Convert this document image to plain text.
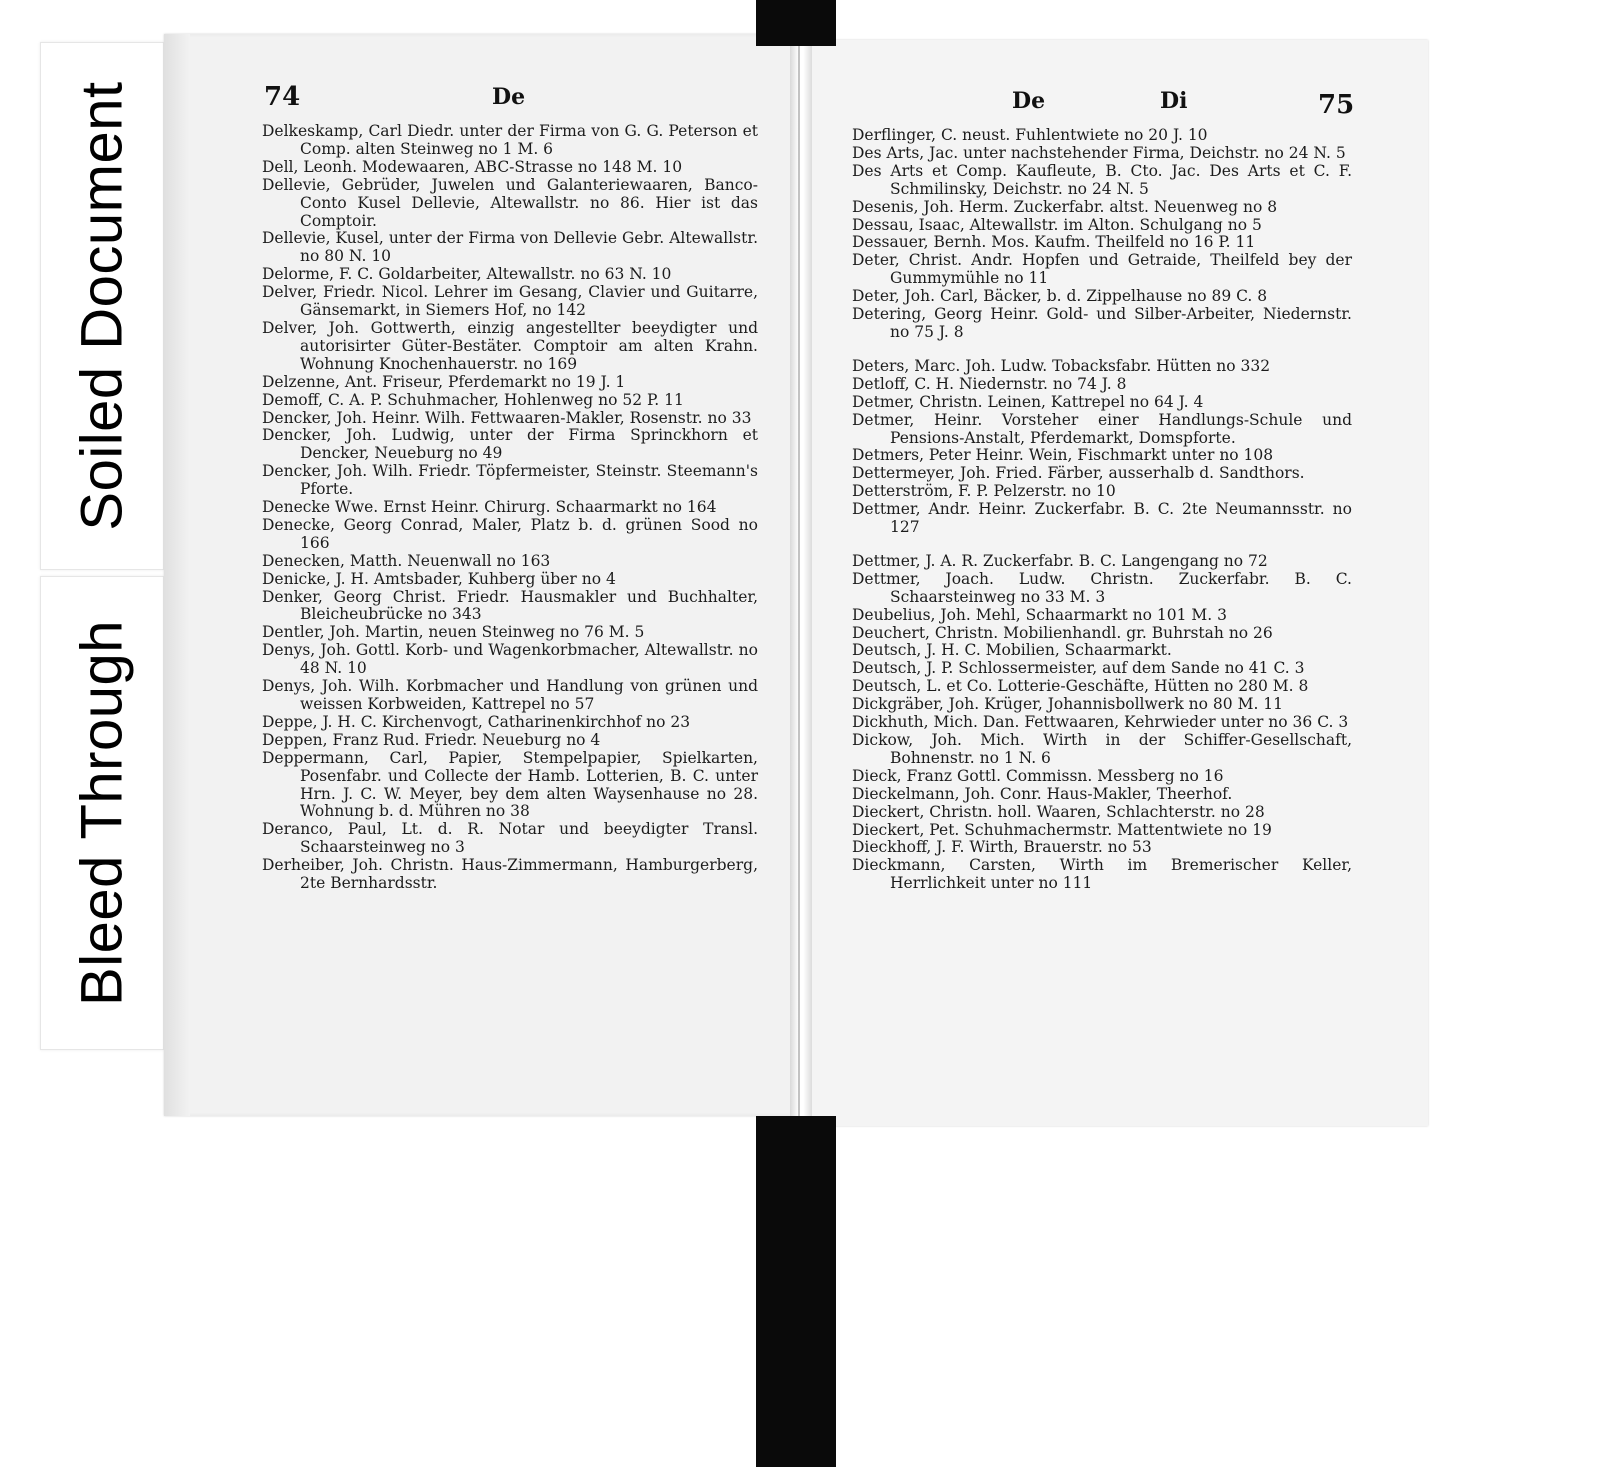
Soiled Document
Bleed Through
74	De	De	Di	75

Delkeskamp, Carl Diedr. unter der Firma von G. G. Peterson et Comp. alten Steinweg no 1 M. 6

Dell, Leonh. Modewaaren, ABC-Strasse no 148 M. 10

Dellevie, Gebrüder, Juwelen und Galanteriewaaren, Banco-Conto Kusel Dellevie, Altewallstr. no 86. Hier ist das Comptoir.

Dellevie, Kusel, unter der Firma von Dellevie Gebr. Altewallstr. no 80 N. 10

Delorme, F. C. Goldarbeiter, Altewallstr. no 63 N. 10

Delver, Friedr. Nicol. Lehrer im Gesang, Clavier und Guitarre, Gänsemarkt, in Siemers Hof, no 142

Delver, Joh. Gottwerth, einzig angestellter beeydigter und autorisirter Güter-Bestäter. Comptoir am alten Krahn. Wohnung Knochenhauerstr. no 169

Delzenne, Ant. Friseur, Pferdemarkt no 19 J. 1

Demoff, C. A. P. Schuhmacher, Hohlenweg no 52 P. 11

Dencker, Joh. Heinr. Wilh. Fettwaaren-Makler, Rosenstr. no 33

Dencker, Joh. Ludwig, unter der Firma Sprinckhorn et Dencker, Neueburg no 49

Dencker, Joh. Wilh. Friedr. Töpfermeister, Steinstr. Steemann's Pforte.

Denecke Wwe. Ernst Heinr. Chirurg. Schaarmarkt no 164

Denecke, Georg Conrad, Maler, Platz b. d. grünen Sood no 166

Denecken, Matth. Neuenwall no 163

Denicke, J. H. Amtsbader, Kuhberg über no 4

Denker, Georg Christ. Friedr. Hausmakler und Buchhalter, Bleicheubrücke no 343

Dentler, Joh. Martin, neuen Steinweg no 76 M. 5

Denys, Joh. Gottl. Korb- und Wagenkorbmacher, Altewallstr. no 48 N. 10

Denys, Joh. Wilh. Korbmacher und Handlung von grünen und weissen Korbweiden, Kattrepel no 57

Deppe, J. H. C. Kirchenvogt, Catharinenkirchhof no 23

Deppen, Franz Rud. Friedr. Neueburg no 4

Deppermann, Carl, Papier, Stempelpapier, Spielkarten, Posenfabr. und Collecte der Hamb. Lotterien, B. C. unter Hrn. J. C. W. Meyer, bey dem alten Waysenhause no 28. Wohnung b. d. Mühren no 38

Deranco, Paul, Lt. d. R. Notar und beeydigter Transl. Schaarsteinweg no 3

Derheiber, Joh. Christn. Haus-Zimmermann, Hamburgerberg, 2te Bernhardsstr.

Derflinger, C. neust. Fuhlentwiete no 20 J. 10

Des Arts, Jac. unter nachstehender Firma, Deichstr. no 24 N. 5

Des Arts et Comp. Kaufleute, B. Cto. Jac. Des Arts et C. F. Schmilinsky, Deichstr. no 24 N. 5

Desenis, Joh. Herm. Zuckerfabr. altst. Neuenweg no 8

Dessau, Isaac, Altewallstr. im Alton. Schulgang no 5

Dessauer, Bernh. Mos. Kaufm. Theilfeld no 16 P. 11

Deter, Christ. Andr. Hopfen und Getraide, Theilfeld bey der Gummymühle no 11

Deter, Joh. Carl, Bäcker, b. d. Zippelhause no 89 C. 8

Detering, Georg Heinr. Gold- und Silber-Arbeiter, Niedernstr. no 75 J. 8

Deters, Marc. Joh. Ludw. Tobacksfabr. Hütten no 332

Detloff, C. H. Niedernstr. no 74 J. 8

Detmer, Christn. Leinen, Kattrepel no 64 J. 4

Detmer, Heinr. Vorsteher einer Handlungs-Schule und Pensions-Anstalt, Pferdemarkt, Domspforte.

Detmers, Peter Heinr. Wein, Fischmarkt unter no 108

Dettermeyer, Joh. Fried. Färber, ausserhalb d. Sandthors.

Detterström, F. P. Pelzerstr. no 10

Dettmer, Andr. Heinr. Zuckerfabr. B. C. 2te Neumannsstr. no 127

Dettmer, J. A. R. Zuckerfabr. B. C. Langengang no 72

Dettmer, Joach. Ludw. Christn. Zuckerfabr. B. C. Schaarsteinweg no 33 M. 3

Deubelius, Joh. Mehl, Schaarmarkt no 101 M. 3

Deuchert, Christn. Mobilienhandl. gr. Buhrstah no 26

Deutsch, J. H. C. Mobilien, Schaarmarkt.

Deutsch, J. P. Schlossermeister, auf dem Sande no 41 C. 3

Deutsch, L. et Co. Lotterie-Geschäfte, Hütten no 280 M. 8

Dickgräber, Joh. Krüger, Johannisbollwerk no 80 M. 11

Dickhuth, Mich. Dan. Fettwaaren, Kehrwieder unter no 36 C. 3

Dickow, Joh. Mich. Wirth in der Schiffer-Gesellschaft, Bohnenstr. no 1 N. 6

Dieck, Franz Gottl. Commissn. Messberg no 16

Dieckelmann, Joh. Conr. Haus-Makler, Theerhof.

Dieckert, Christn. holl. Waaren, Schlachterstr. no 28

Dieckert, Pet. Schuhmachermstr. Mattentwiete no 19

Dieckhoff, J. F. Wirth, Brauerstr. no 53

Dieckmann, Carsten, Wirth im Bremerischer Keller, Herrlichkeit unter no 111
